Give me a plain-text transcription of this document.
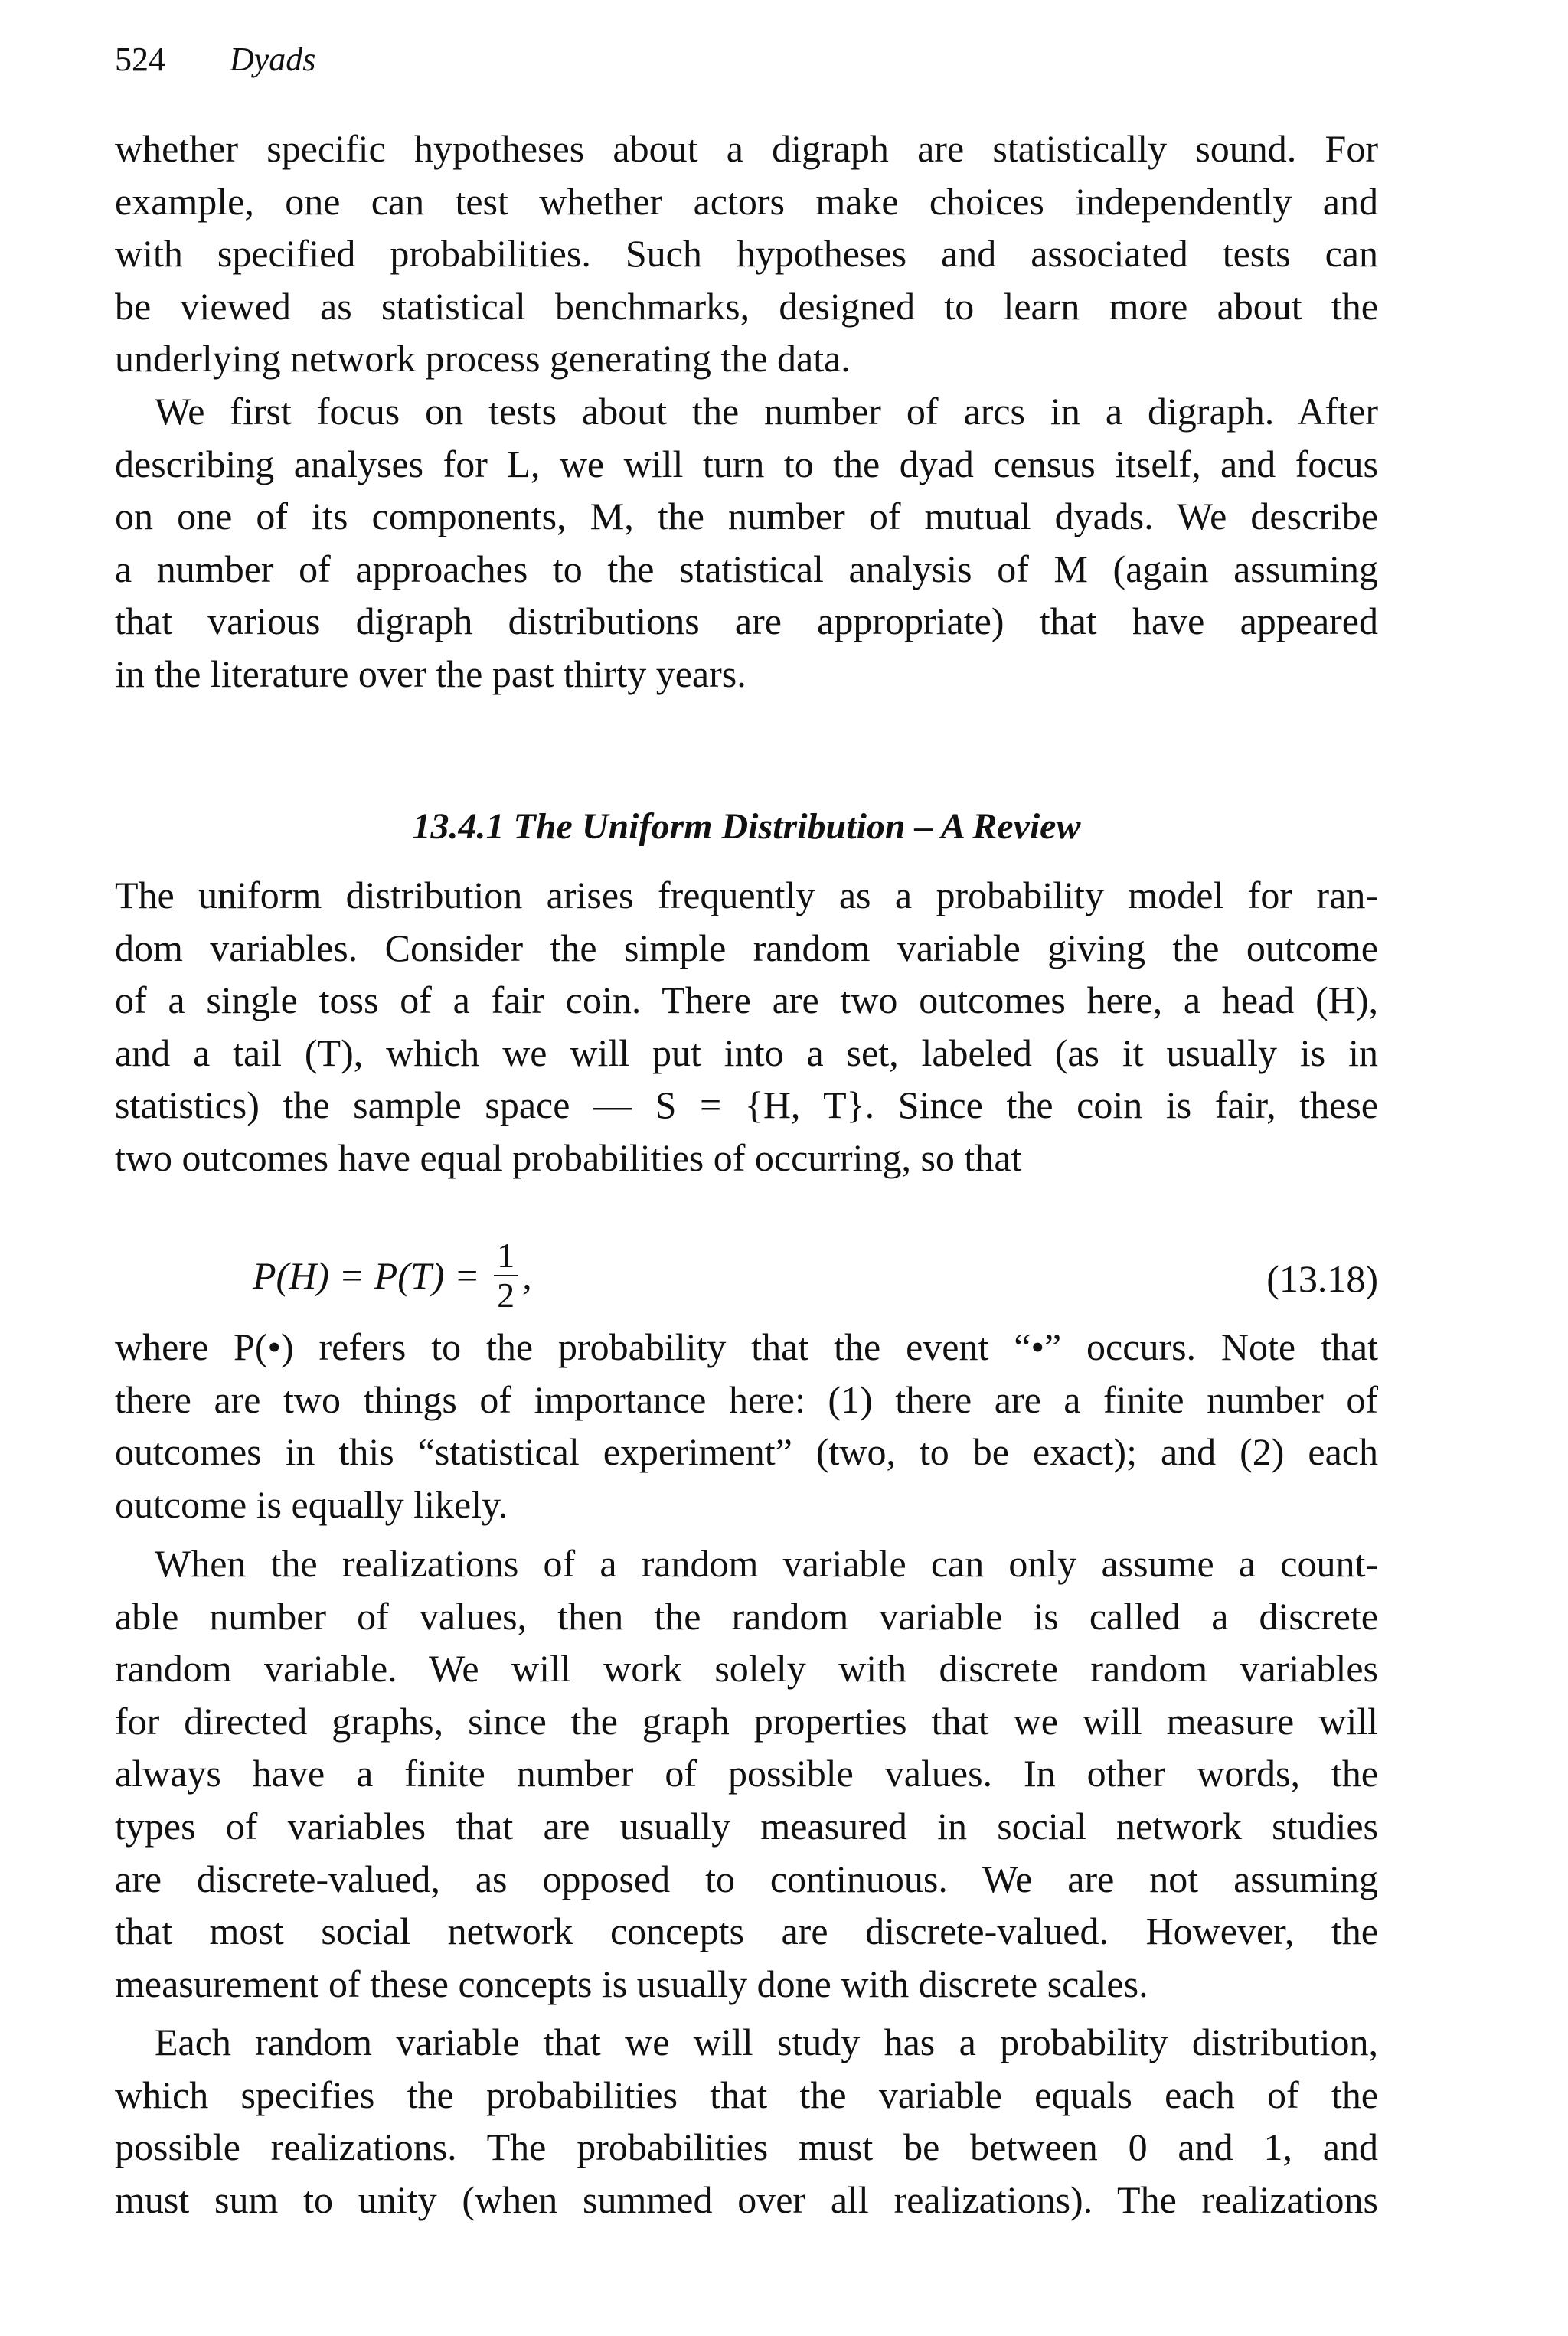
524 Dyads
whether specific hypotheses about a digraph are statistically sound. For
example, one can test whether actors make choices independently and
with specified probabilities. Such hypotheses and associated tests can
be viewed as statistical benchmarks, designed to learn more about the
underlying network process generating the data.
We first focus on tests about the number of arcs in a digraph. After
describing analyses for L, we will turn to the dyad census itself, and focus
on one of its components, M, the number of mutual dyads. We describe
a number of approaches to the statistical analysis of M (again assuming
that various digraph distributions are appropriate) that have appeared
in the literature over the past thirty years.
13.4.1 The Uniform Distribution – A Review
The uniform distribution arises frequently as a probability model for ran-
dom variables. Consider the simple random variable giving the outcome
of a single toss of a fair coin. There are two outcomes here, a head (H),
and a tail (T), which we will put into a set, labeled (as it usually is in
statistics) the sample space — S = {H, T}. Since the coin is fair, these
two outcomes have equal probabilities of occurring, so that
$P(H) = P(T) = \frac{1}{2}$ ,	(13.18)
where P(•) refers to the probability that the event “•” occurs. Note that
there are two things of importance here: (1) there are a finite number of
outcomes in this “statistical experiment” (two, to be exact); and (2) each
outcome is equally likely.
When the realizations of a random variable can only assume a count-
able number of values, then the random variable is called a discrete
random variable. We will work solely with discrete random variables
for directed graphs, since the graph properties that we will measure will
always have a finite number of possible values. In other words, the
types of variables that are usually measured in social network studies
are discrete-valued, as opposed to continuous. We are not assuming
that most social network concepts are discrete-valued. However, the
measurement of these concepts is usually done with discrete scales.
Each random variable that we will study has a probability distribution,
which specifies the probabilities that the variable equals each of the
possible realizations. The probabilities must be between 0 and 1, and
must sum to unity (when summed over all realizations). The realizations
